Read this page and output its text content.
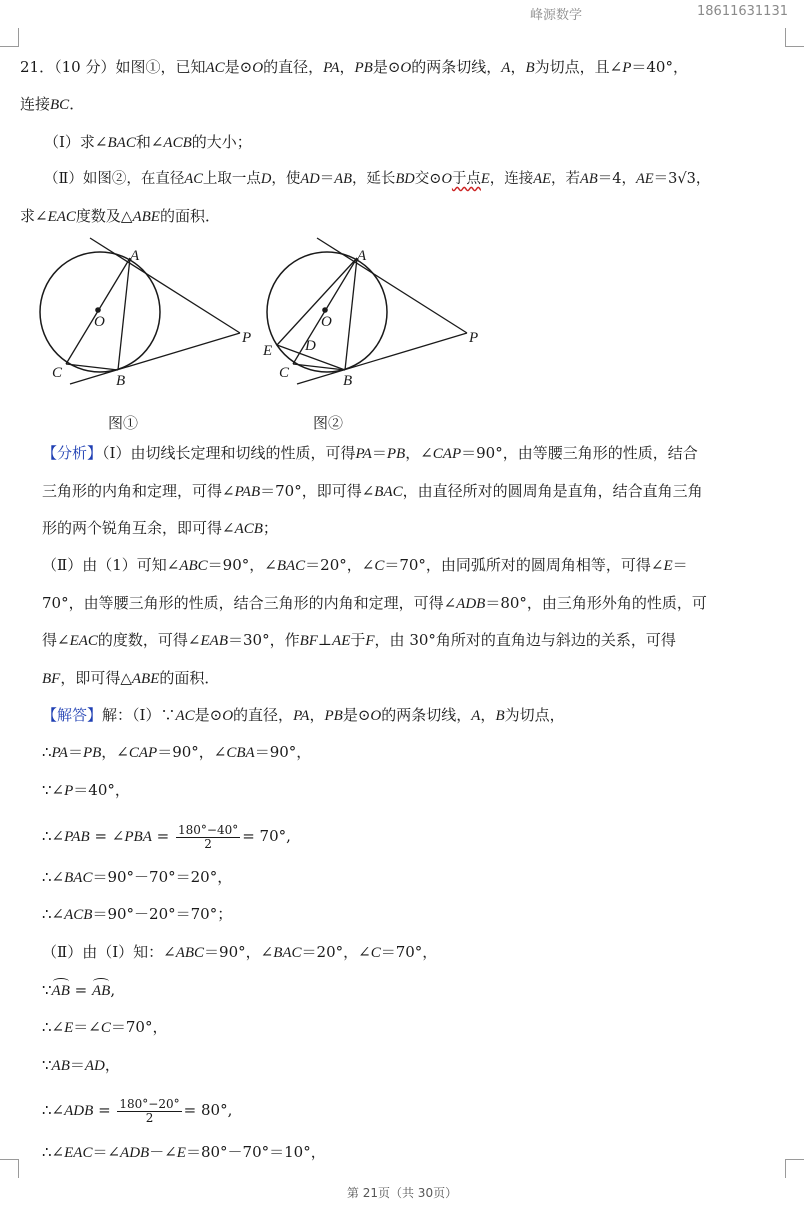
峰源数学	18611631131
21．（10 分）如图①，已知AC是⊙O的直径，PA，PB是⊙O的两条切线，A，B为切点，且∠P＝40°，
连接BC．
（Ⅰ）求∠BAC和∠ACB的大小；
（Ⅱ）如图②，在直径AC上取一点D，使AD＝AB，延长BD交⊙O于点E，连接AE，若AB＝4，AE＝3√3，
求∠EAC度数及△ABE的面积．
A
O
P
C	B
图①
A
O
P
D
E
C	B
图②
【分析】（Ⅰ）由切线长定理和切线的性质，可得PA＝PB，∠CAP＝90°，由等腰三角形的性质，结合
三角形的内角和定理，可得∠PAB＝70°，即可得∠BAC，由直径所对的圆周角是直角，结合直角三角
形的两个锐角互余，即可得∠ACB；
（Ⅱ）由（1）可知∠ABC＝90°，∠BAC＝20°，∠C＝70°，由同弧所对的圆周角相等，可得∠E＝
70°，由等腰三角形的性质，结合三角形的内角和定理，可得∠ADB＝80°，由三角形外角的性质，可
得∠EAC的度数，可得∠EAB＝30°，作BF⊥AE于F，由 30°角所对的直角边与斜边的关系，可得
BF，即可得△ABE的面积．
【解答】解：（Ⅰ）∵AC是⊙O的直径，PA，PB是⊙O的两条切线，A，B为切点，
∴PA＝PB，∠CAP＝90°，∠CBA＝90°，
∵∠P＝40°，
∴∠PAB = ∠PBA = $\frac{180^\circ-40^\circ}{2} = 70^\circ$,
∴∠BAC＝90°－70°＝20°，
∴∠ACB＝90°－20°＝70°；
（Ⅱ）由（Ⅰ）知：∠ABC＝90°，∠BAC＝20°，∠C＝70°，
∵AB = AB,
∴∠E＝∠C＝70°，
∵AB＝AD，
∴∠ADB = $\frac{180^\circ-20^\circ}{2} = 80^\circ$,
∴∠EAC＝∠ADB－∠E＝80°－70°＝10°，
第 21页（共 30页）
